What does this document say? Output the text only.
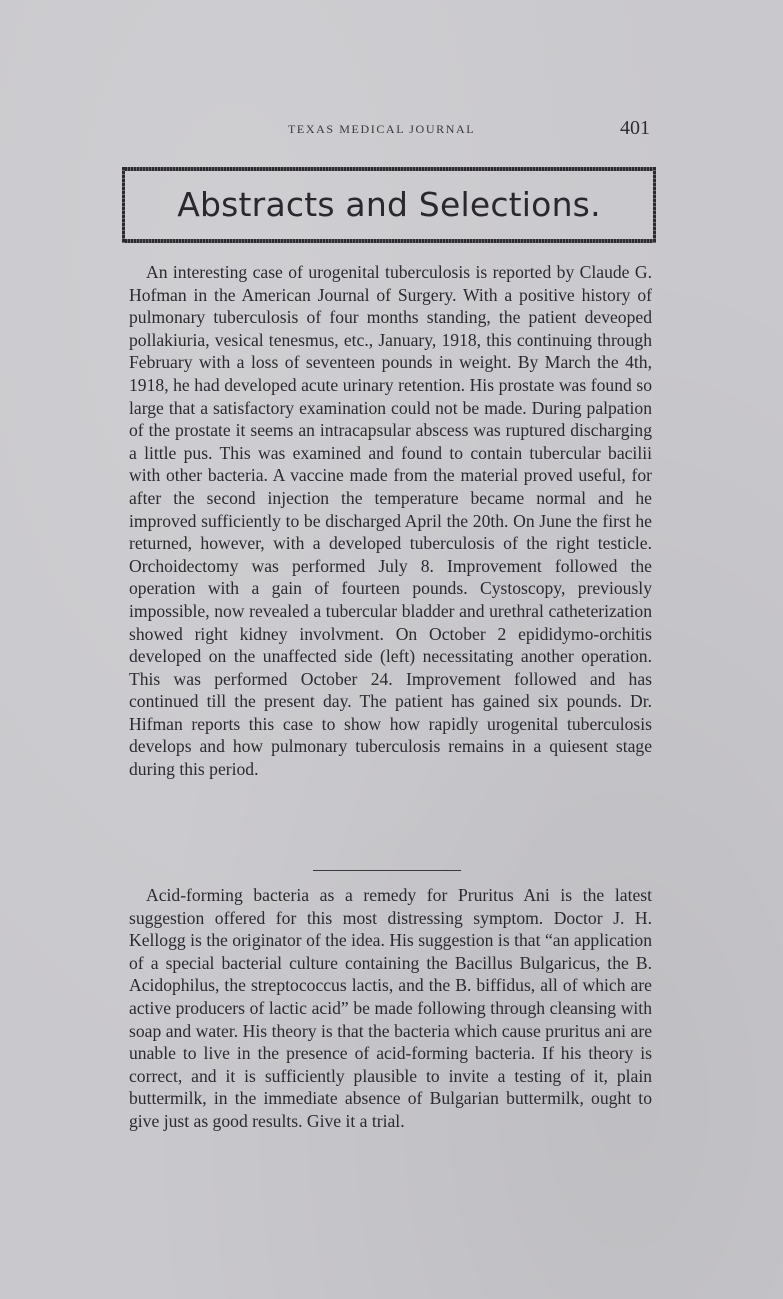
TEXAS MEDICAL JOURNAL	401
Abstracts and Selections.

An interesting case of urogenital tuberculosis is reported by Claude G. Hofman in the American Journal of Surgery. With a positive history of pulmonary tuberculosis of four months standing, the patient deveoped pollakiuria, vesical tenesmus, etc., January, 1918, this continuing through February with a loss of seventeen pounds in weight. By March the 4th, 1918, he had developed acute urinary retention. His prostate was found so large that a satisfactory examination could not be made. During palpation of the prostate it seems an intracapsular abscess was ruptured discharging a little pus. This was examined and found to contain tubercular bacilii with other bacteria. A vaccine made from the material proved useful, for after the second injection the temperature became normal and he improved sufficiently to be discharged April the 20th. On June the first he returned, however, with a developed tuberculosis of the right testicle. Orchoidectomy was performed July 8. Improvement followed the operation with a gain of fourteen pounds. Cystoscopy, previously impossible, now revealed a tubercular bladder and urethral catheterization showed right kidney involvment. On October 2 epididymo-orchitis developed on the unaffected side (left) necessitating another operation. This was performed October 24. Improvement followed and has continued till the present day. The patient has gained six pounds. Dr. Hifman reports this case to show how rapidly urogenital tuberculosis develops and how pulmonary tuberculosis remains in a quiesent stage during this period.

Acid-forming bacteria as a remedy for Pruritus Ani is the latest suggestion offered for this most distressing symptom. Doctor J. H. Kellogg is the originator of the idea. His suggestion is that “an application of a special bacterial culture containing the Bacillus Bulgaricus, the B. Acidophilus, the streptococcus lactis, and the B. biffidus, all of which are active producers of lactic acid” be made following through cleansing with soap and water. His theory is that the bacteria which cause pruritus ani are unable to live in the presence of acid-forming bacteria. If his theory is correct, and it is sufficiently plausible to invite a testing of it, plain buttermilk, in the immediate absence of Bulgarian buttermilk, ought to give just as good results. Give it a trial.
